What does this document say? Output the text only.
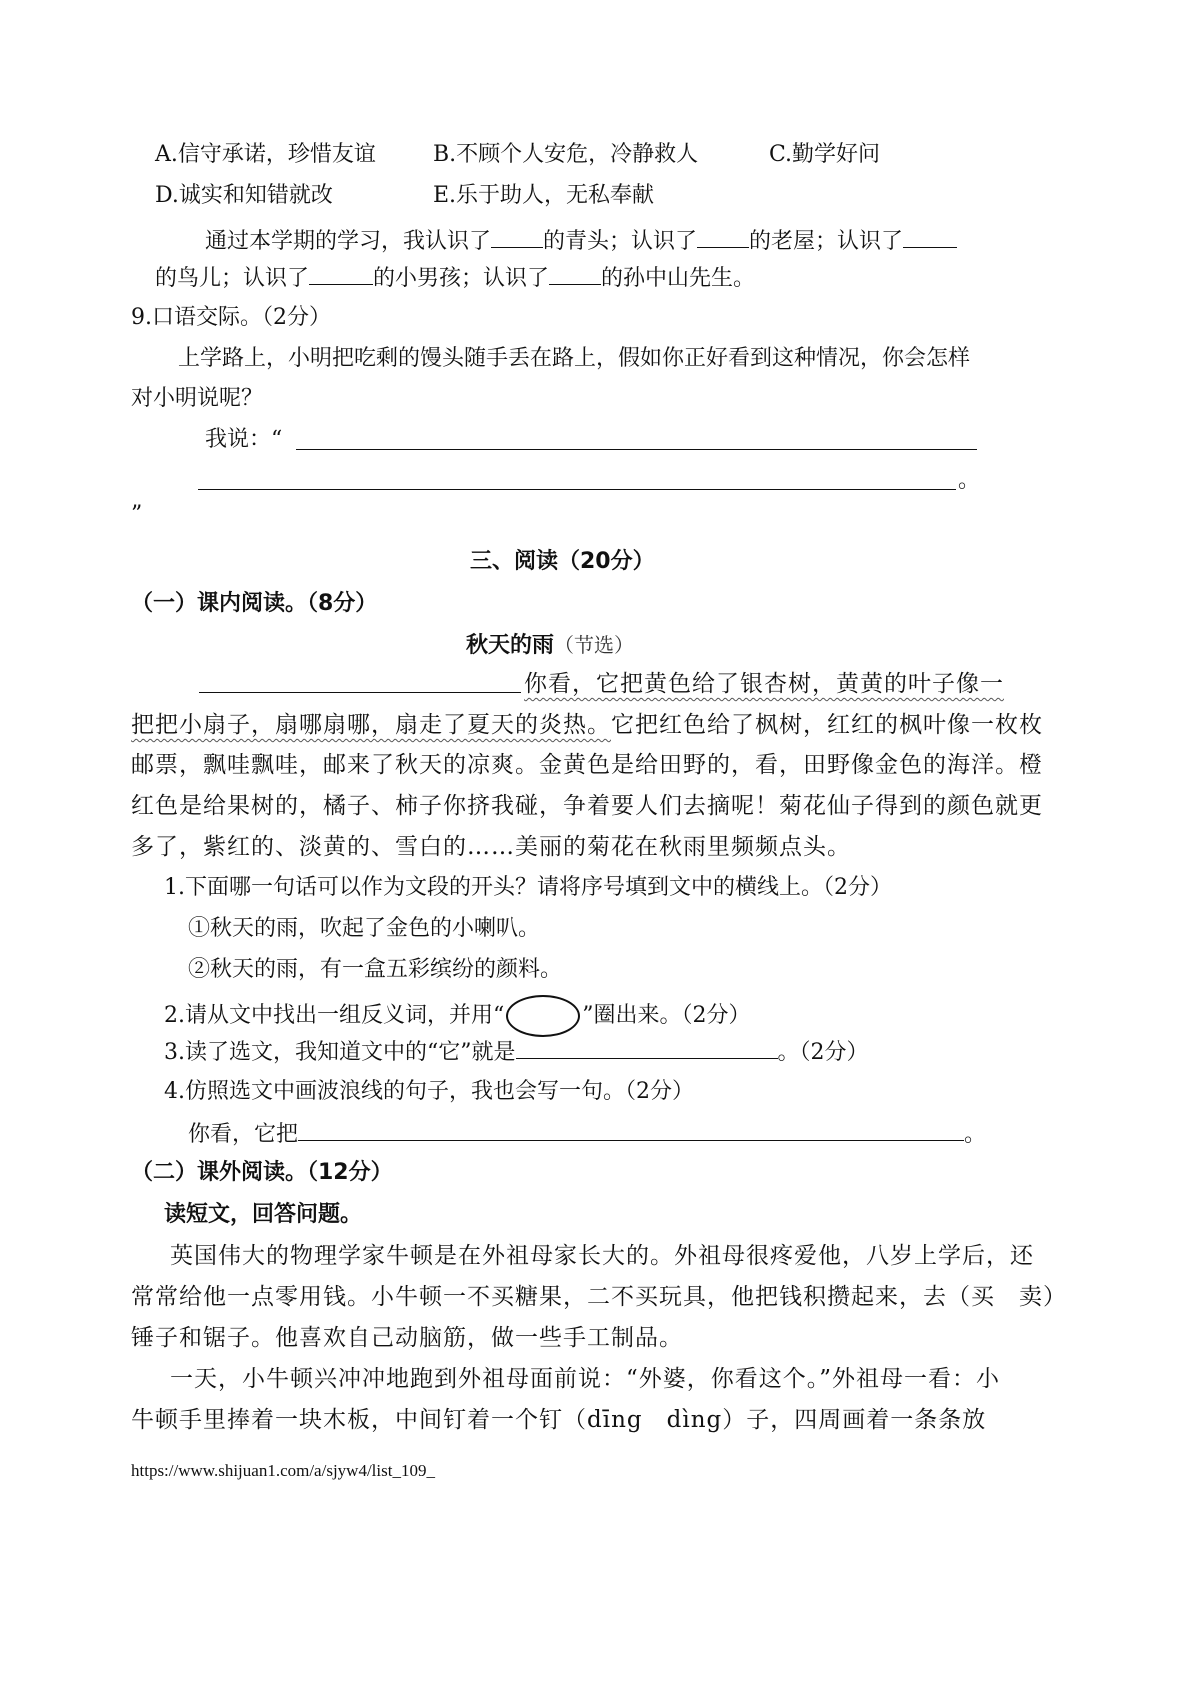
A.信守承诺，珍惜友谊	B.不顾个人安危，冷静救人	C.勤学好问
D.诚实和知错就改	E.乐于助人，无私奉献
通过本学期的学习，我认识了 的青头；认识了 的老屋；认识了
的鸟儿；认识了	的小男孩；认识了 的孙中山先生。
9.口语交际。（2分）
上学路上，小明把吃剩的馒头随手丢在路上，假如你正好看到这种情况，你会怎样
对小明说呢？
我说：“
。
”
三、阅读（20分）
（一）课内阅读。（8分）
秋天的雨（节选）
你看，它把黄色给了银杏树，黄黄的叶子像一
把把小扇子，扇哪扇哪，扇走了夏天的炎热。它把红色给了枫树，红红的枫叶像一枚枚
邮票，飘哇飘哇，邮来了秋天的凉爽。金黄色是给田野的，看，田野像金色的海洋。橙
红色是给果树的，橘子、柿子你挤我碰，争着要人们去摘呢！菊花仙子得到的颜色就更
多了，紫红的、淡黄的、雪白的……美丽的菊花在秋雨里频频点头。
1.下面哪一句话可以作为文段的开头？请将序号填到文中的横线上。（2分）
①秋天的雨，吹起了金色的小喇叭。
②秋天的雨，有一盒五彩缤纷的颜料。
2.请从文中找出一组反义词，并用“ ○ ”圈出来。（2分）
3.读了选文，我知道文中的“它”就是	。（2分）
4.仿照选文中画波浪线的句子，我也会写一句。（2分）
你看，它把	。
（二）课外阅读。（12分）
读短文，回答问题。
英国伟大的物理学家牛顿是在外祖母家长大的。外祖母很疼爱他，八岁上学后，还
常常给他一点零用钱。小牛顿一不买糖果，二不买玩具，他把钱积攒起来，去（买　卖）
锤子和锯子。他喜欢自己动脑筋，做一些手工制品。
一天，小牛顿兴冲冲地跑到外祖母面前说：“外婆，你看这个。”外祖母一看：小
牛顿手里捧着一块木板，中间钉着一个钉（dīng　dìng）子，四周画着一条条放
https://www.shijuan1.com/a/sjyw4/list_109_
